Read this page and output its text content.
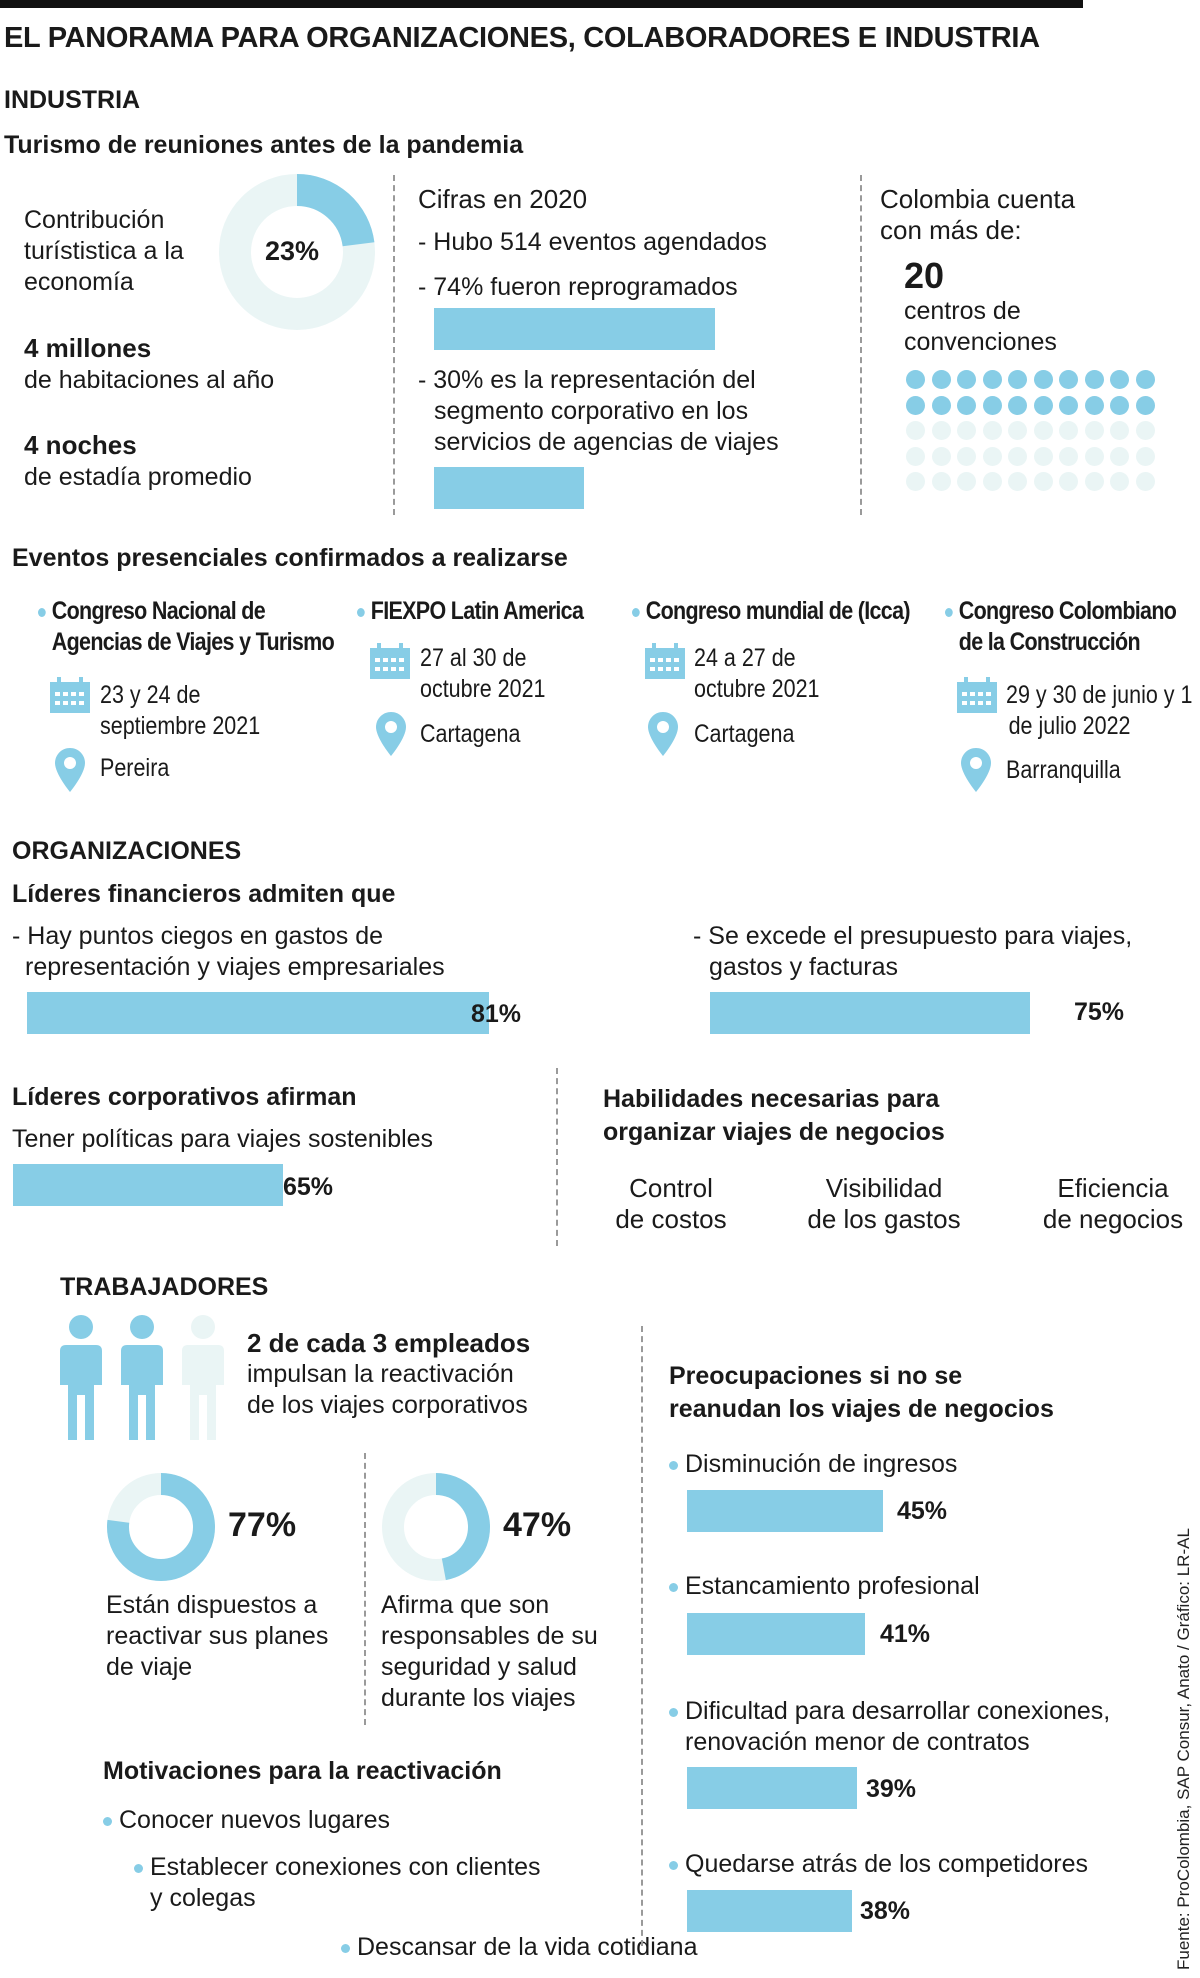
EL PANORAMA PARA ORGANIZACIONES, COLABORADORES E INDUSTRIA
INDUSTRIA
Turismo de reuniones antes de la pandemia
Contribución
turístistica a la
economía
23%
4 millones
de habitaciones al año
4 noches
de estadía promedio
Cifras en 2020
- Hubo 514 eventos agendados
- 74% fueron reprogramados
- 30% es la representación del
segmento corporativo en los
servicios de agencias de viajes
Colombia cuenta
con más de:
20
centros de
convenciones
Eventos presenciales confirmados a realizarse
Congreso Nacional de
Agencias de Viajes y Turismo
23 y 24 de
septiembre 2021
Pereira
FIEXPO Latin America
27 al 30 de
octubre 2021
Cartagena
Congreso mundial de (Icca)
24 a 27 de
octubre 2021
Cartagena
Congreso Colombiano
de la Construcción
29 y 30 de junio y 1
de julio 2022
Barranquilla
ORGANIZACIONES
Líderes financieros admiten que
- Hay puntos ciegos en gastos de
representación y viajes empresariales
81%
- Se excede el presupuesto para viajes,
gastos y facturas
75%
Líderes corporativos afirman
Tener políticas para viajes sostenibles
65%
Habilidades necesarias para
organizar viajes de negocios
Control
de costos
Visibilidad
de los gastos
Eficiencia
de negocios
TRABAJADORES
2 de cada 3 empleados
impulsan la reactivación
de los viajes corporativos
77%
Están dispuestos a
reactivar sus planes
de viaje
47%
Afirma que son
responsables de su
seguridad y salud
durante los viajes
Motivaciones para la reactivación
Conocer nuevos lugares
Establecer conexiones con clientes
y colegas
Descansar de la vida cotidiana
Preocupaciones si no se
reanudan los viajes de negocios
Disminución de ingresos
45%
Estancamiento profesional
41%
Dificultad para desarrollar conexiones,
renovación menor de contratos
39%
Quedarse atrás de los competidores
38%	Fuente: ProColombia, SAP Consur, Anato / Gráfico: LR-AL
